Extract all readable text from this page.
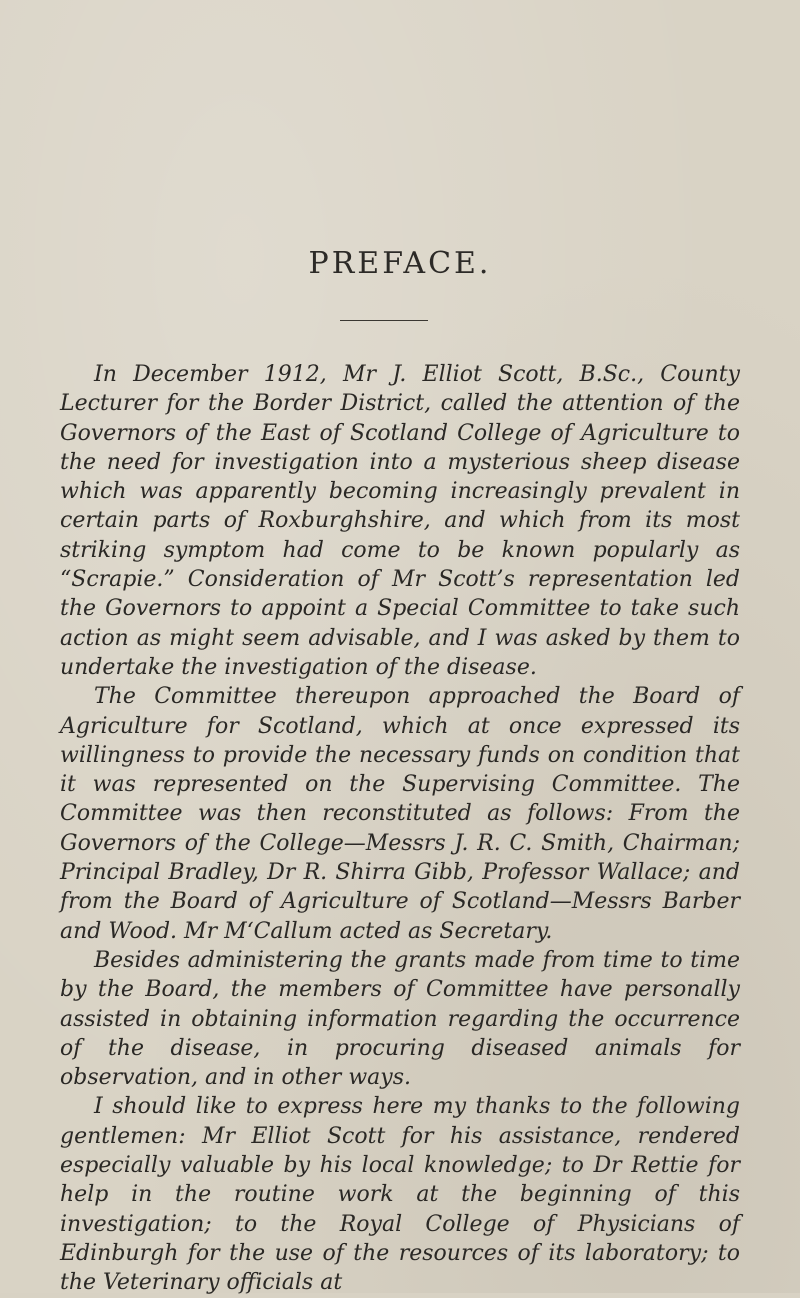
PREFACE.

In December 1912, Mr J. Elliot Scott, B.Sc., County Lecturer for the Border District, called the attention of the Governors of the East of Scotland College of Agriculture to the need for investigation into a mysterious sheep disease which was apparently becoming increasingly prevalent in certain parts of Roxburghshire, and which from its most striking symptom had come to be known popularly as “Scrapie.” Consideration of Mr Scott’s representation led the Governors to appoint a Special Committee to take such action as might seem advisable, and I was asked by them to undertake the investigation of the disease.

The Committee thereupon approached the Board of Agriculture for Scotland, which at once expressed its willingness to provide the necessary funds on condition that it was represented on the Supervising Committee. The Committee was then reconstituted as follows: From the Governors of the College—Messrs J. R. C. Smith, Chairman; Principal Bradley, Dr R. Shirra Gibb, Professor Wallace; and from the Board of Agriculture of Scotland—Messrs Barber and Wood. Mr M‘Callum acted as Secretary.

Besides administering the grants made from time to time by the Board, the members of Committee have personally assisted in obtaining information regarding the occurrence of the disease, in procuring diseased animals for observation, and in other ways.

I should like to express here my thanks to the following gentlemen: Mr Elliot Scott for his assistance, rendered especially valuable by his local knowledge; to Dr Rettie for help in the routine work at the beginning of this investigation; to the Royal College of Physicians of Edinburgh for the use of the resources of its laboratory; to the Veterinary officials at
